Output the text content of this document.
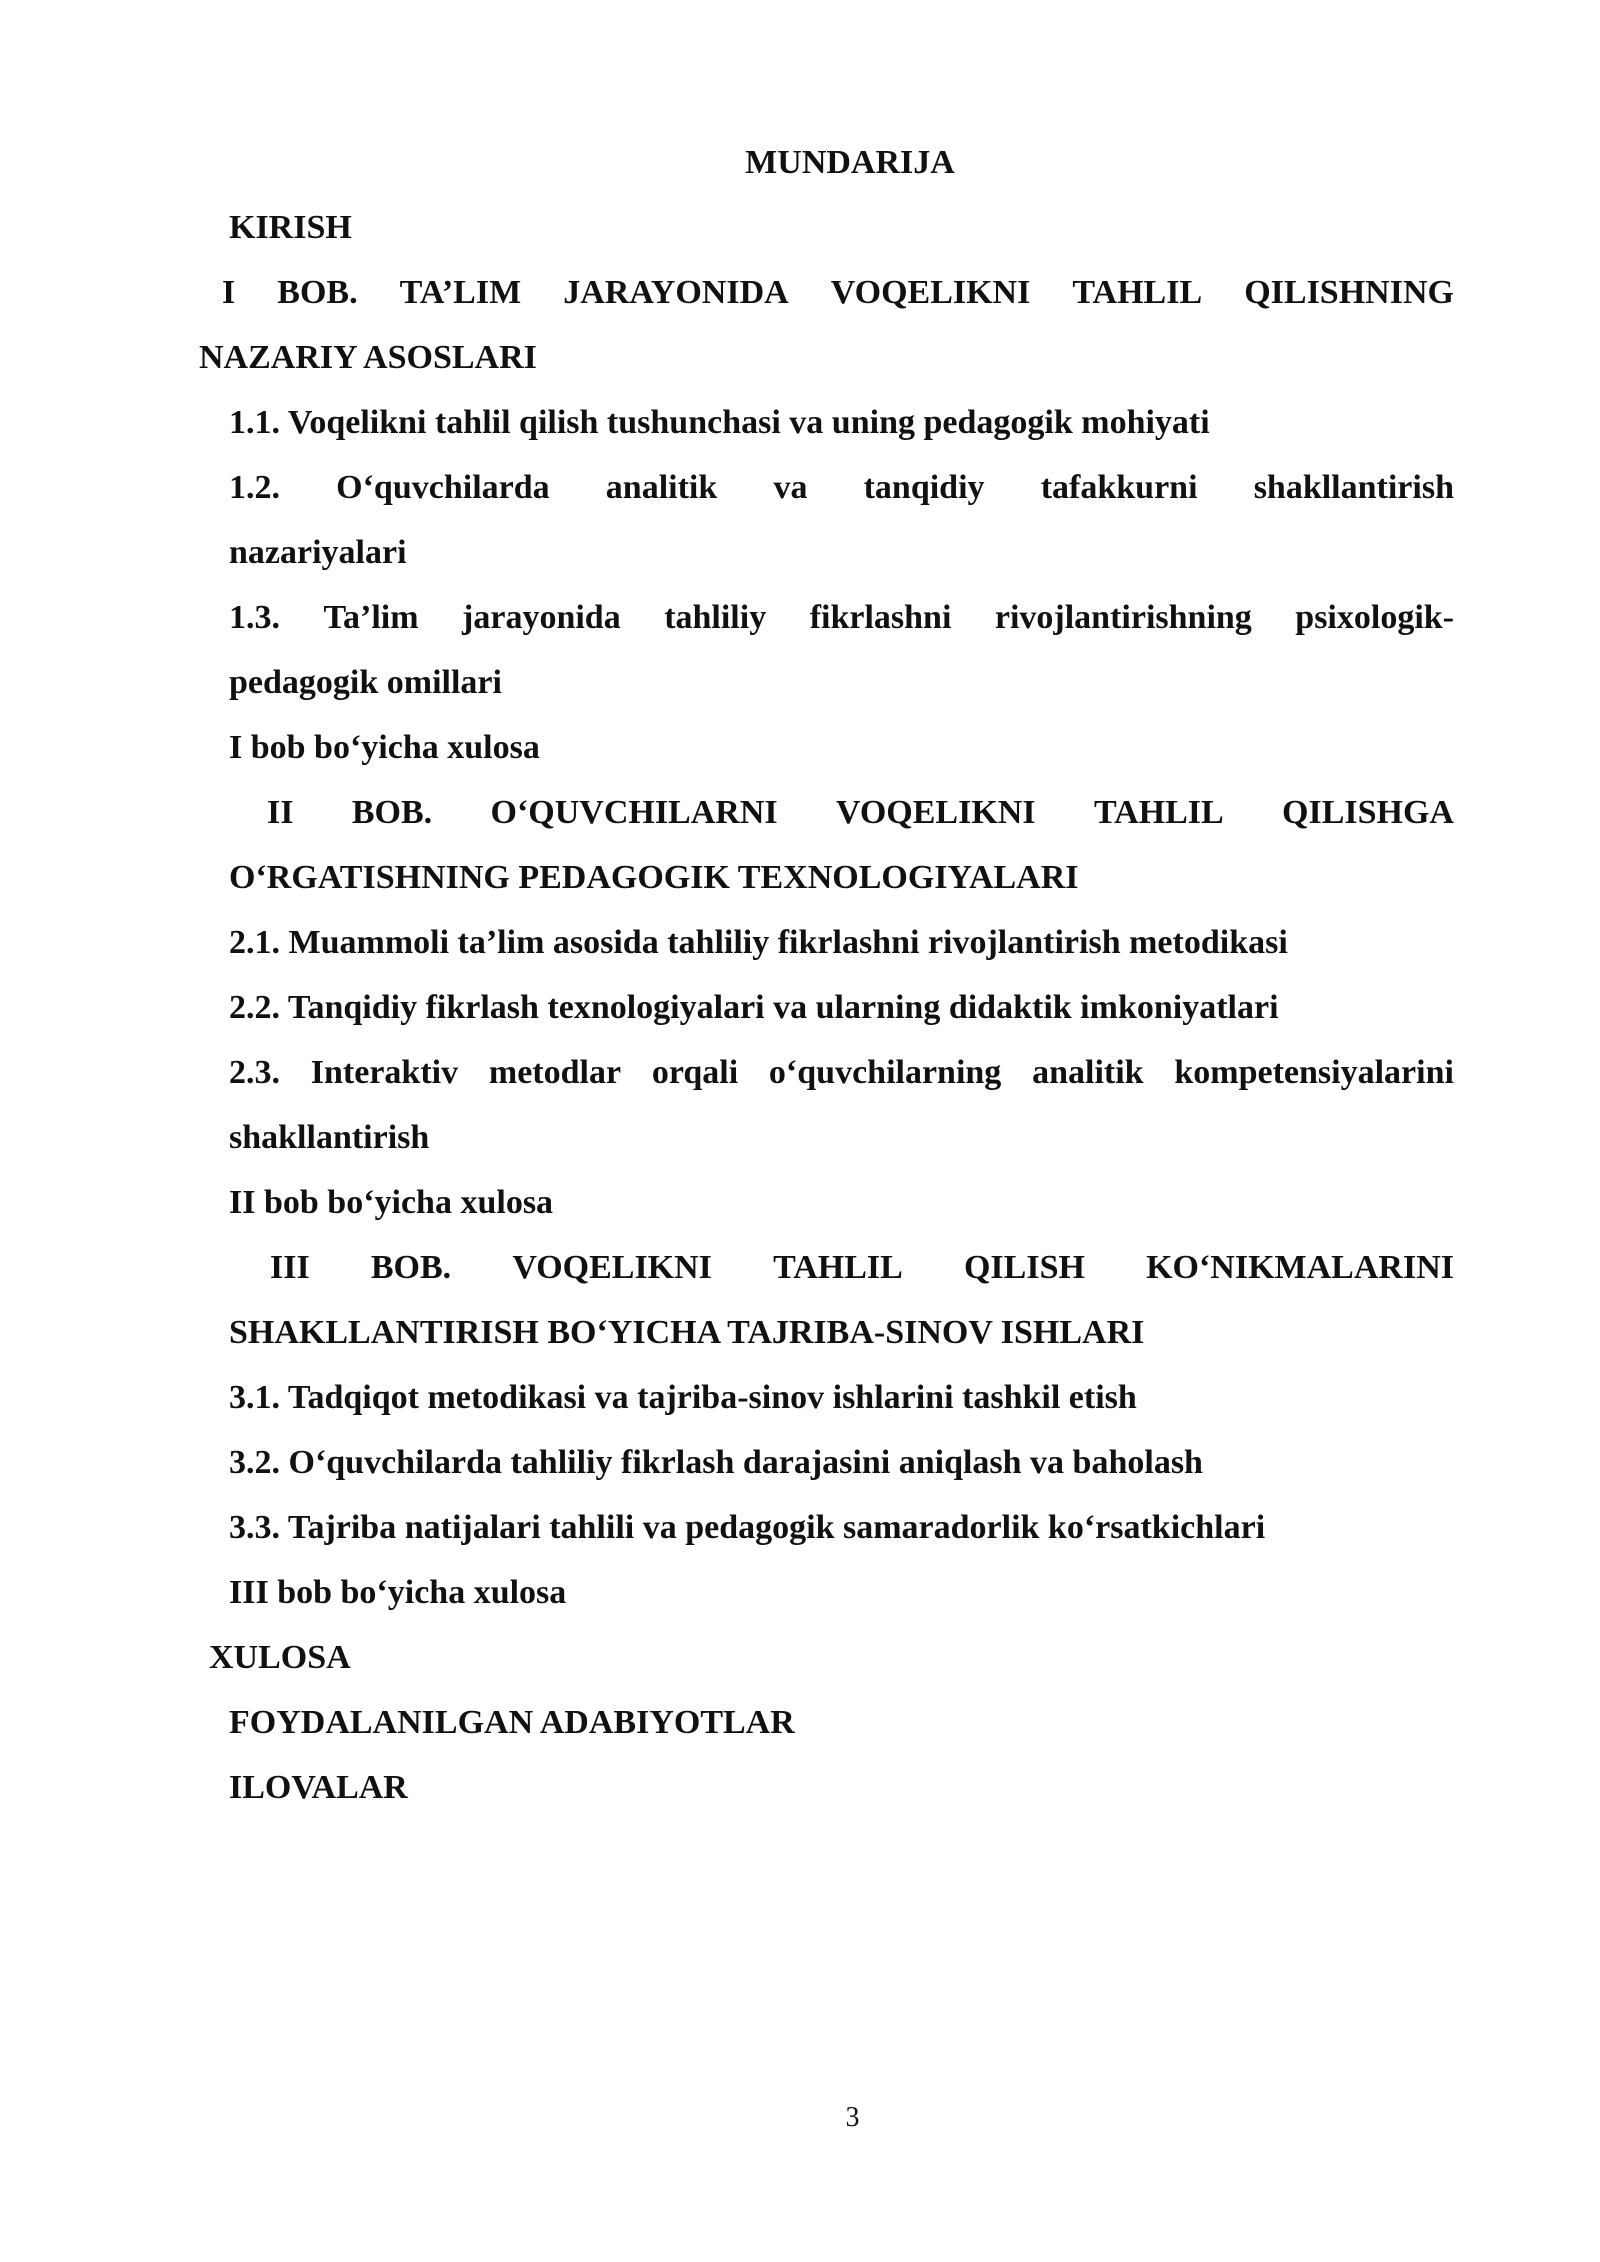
MUNDARIJA
KIRISH
I BOB. TA’LIM JARAYONIDA VOQELIKNI TAHLIL QILISHNING
NAZARIY ASOSLARI
1.1. Voqelikni tahlil qilish tushunchasi va uning pedagogik mohiyati
1.2. O‘quvchilarda analitik va tanqidiy tafakkurni shakllantirish
nazariyalari
1.3. Ta’lim jarayonida tahliliy fikrlashni rivojlantirishning psixologik-
pedagogik omillari
I bob bo‘yicha xulosa
II BOB. O‘QUVCHILARNI VOQELIKNI TAHLIL QILISHGA
O‘RGATISHNING PEDAGOGIK TEXNOLOGIYALARI
2.1. Muammoli ta’lim asosida tahliliy fikrlashni rivojlantirish metodikasi
2.2. Tanqidiy fikrlash texnologiyalari va ularning didaktik imkoniyatlari
2.3. Interaktiv metodlar orqali o‘quvchilarning analitik kompetensiyalarini
shakllantirish
II bob bo‘yicha xulosa
III BOB. VOQELIKNI TAHLIL QILISH KO‘NIKMALARINI
SHAKLLANTIRISH BO‘YICHA TAJRIBA-SINOV ISHLARI
3.1. Tadqiqot metodikasi va tajriba-sinov ishlarini tashkil etish
3.2. O‘quvchilarda tahliliy fikrlash darajasini aniqlash va baholash
3.3. Tajriba natijalari tahlili va pedagogik samaradorlik ko‘rsatkichlari
III bob bo‘yicha xulosa
XULOSA
FOYDALANILGAN ADABIYOTLAR
ILOVALAR
3
